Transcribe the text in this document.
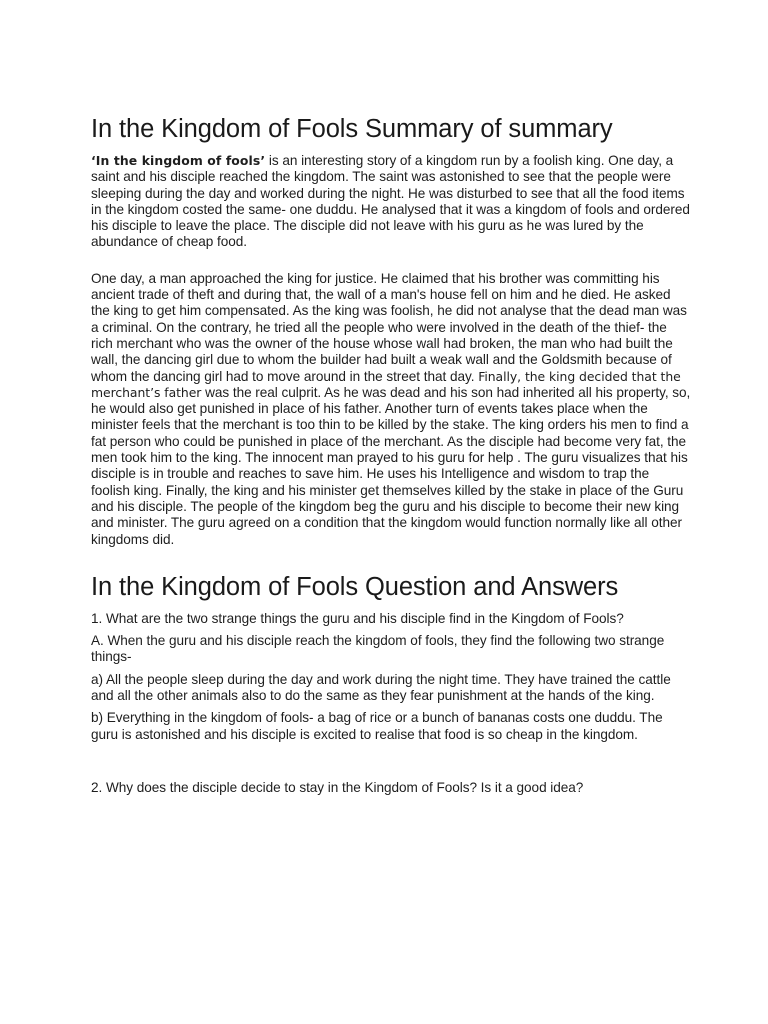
In the Kingdom of Fools Summary of summary

‘In the kingdom of fools’ is an interesting story of a kingdom run by a foolish king. One day, a saint and his disciple reached the kingdom. The saint was astonished to see that the people were sleeping during the day and worked during the night. He was disturbed to see that all the food items in the kingdom costed the same- one duddu. He analysed that it was a kingdom of fools and ordered his disciple to leave the place. The disciple did not leave with his guru as he was lured by the abundance of cheap food.

One day, a man approached the king for justice. He claimed that his brother was committing his ancient trade of theft and during that, the wall of a man's house fell on him and he died. He asked the king to get him compensated. As the king was foolish, he did not analyse that the dead man was a criminal. On the contrary, he tried all the people who were involved in the death of the thief- the rich merchant who was the owner of the house whose wall had broken, the man who had built the wall, the dancing girl due to whom the builder had built a weak wall and the Goldsmith because of whom the dancing girl had to move around in the street that day. Finally, the king decided that the merchant’s father was the real culprit. As he was dead and his son had inherited all his property, so, he would also get punished in place of his father. Another turn of events takes place when the minister feels that the merchant is too thin to be killed by the stake. The king orders his men to find a fat person who could be punished in place of the merchant. As the disciple had become very fat, the men took him to the king. The innocent man prayed to his guru for help . The guru visualizes that his disciple is in trouble and reaches to save him. He uses his Intelligence and wisdom to trap the foolish king. Finally, the king and his minister get themselves killed by the stake in place of the Guru and his disciple. The people of the kingdom beg the guru and his disciple to become their new king and minister. The guru agreed on a condition that the kingdom would function normally like all other kingdoms did.

In the Kingdom of Fools Question and Answers

1. What are the two strange things the guru and his disciple find in the Kingdom of Fools?

A. When the guru and his disciple reach the kingdom of fools, they find the following two strange things-

a) All the people sleep during the day and work during the night time. They have trained the cattle and all the other animals also to do the same as they fear punishment at the hands of the king.

b) Everything in the kingdom of fools- a bag of rice or a bunch of bananas costs one duddu. The guru is astonished and his disciple is excited to realise that food is so cheap in the kingdom.

2. Why does the disciple decide to stay in the Kingdom of Fools? Is it a good idea?
